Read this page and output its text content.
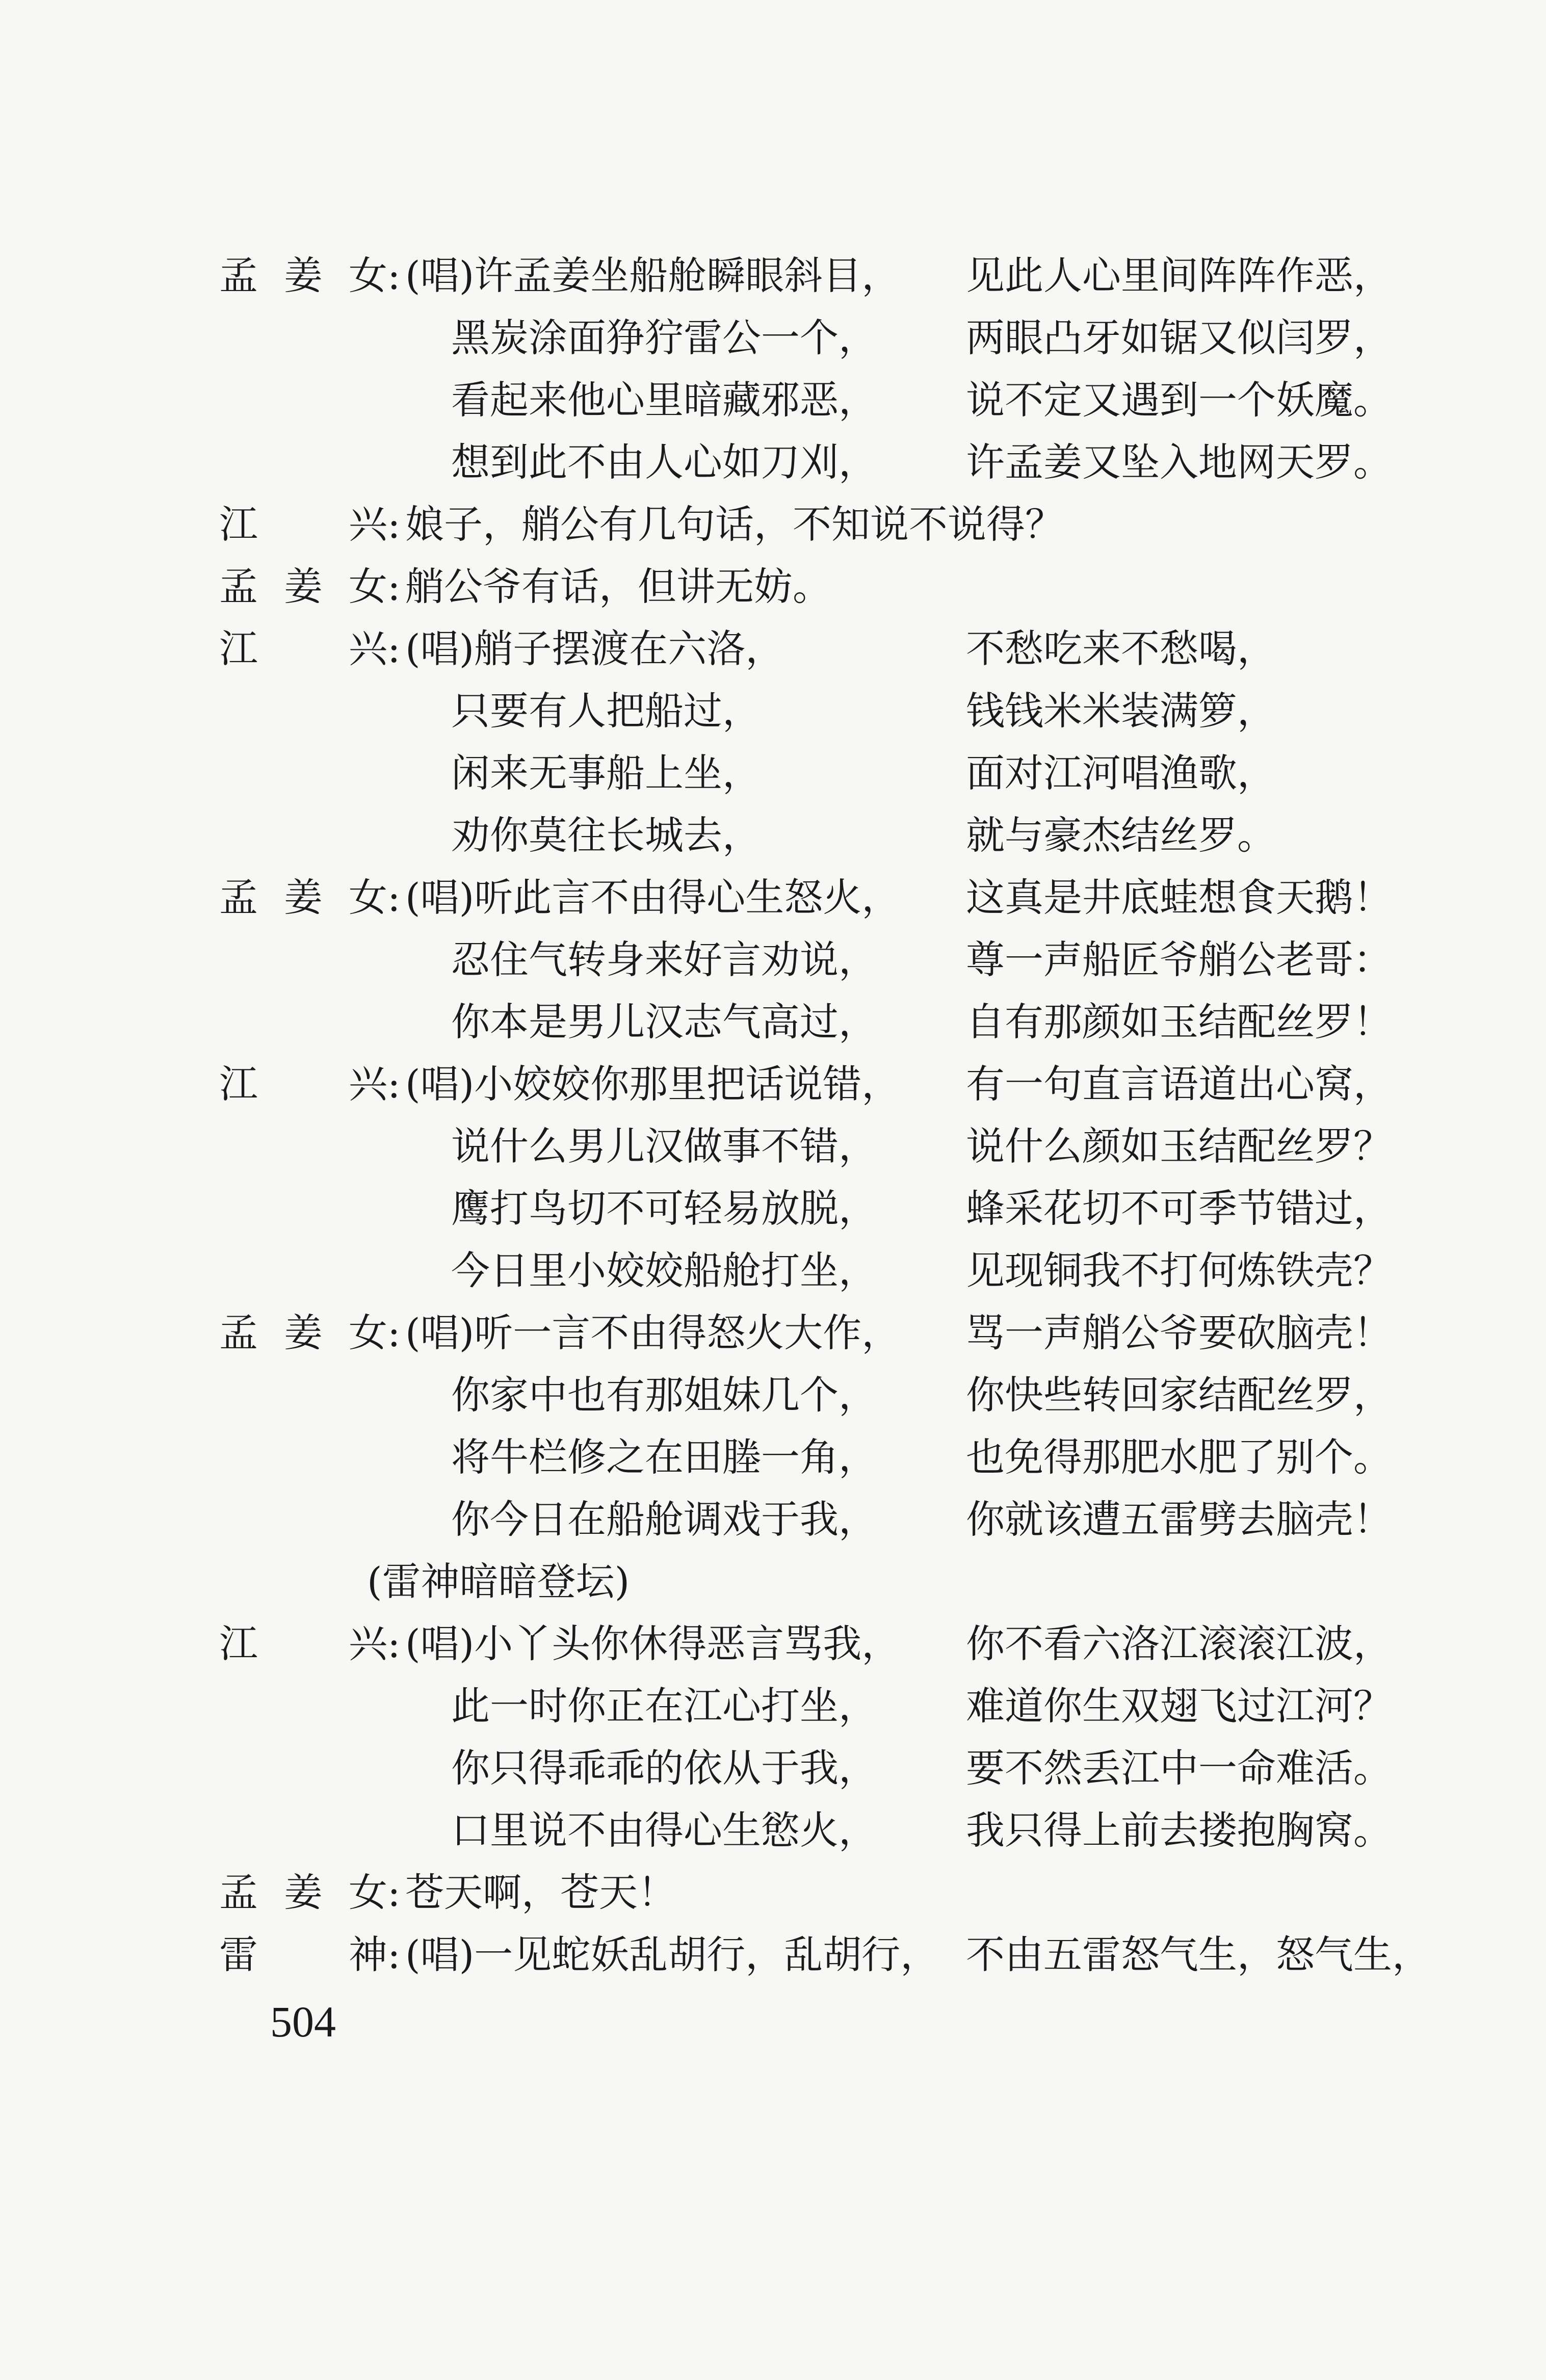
孟 姜 女 : (唱)许孟姜坐船舱瞬眼斜目， 见此人心里间阵阵作恶，
黑炭涂面狰狞雷公一个， 两眼凸牙如锯又似闫罗，
看起来他心里暗藏邪恶， 说不定又遇到一个妖魔。
想到此不由人心如刀刈， 许孟姜又坠入地网天罗。
江 兴 : 娘子，艄公有几句话，不知说不说得？
孟 姜 女 : 艄公爷有话，但讲无妨。
江 兴 : (唱)艄子摆渡在六洛，	不愁吃来不愁喝，
只要有人把船过，	钱钱米米装满箩，
闲来无事船上坐，	面对江河唱渔歌，
劝你莫往长城去，	就与豪杰结丝罗。
孟 姜 女 : (唱)听此言不由得心生怒火， 这真是井底蛙想食天鹅！
忍住气转身来好言劝说， 尊一声船匠爷艄公老哥：
你本是男儿汉志气高过， 自有那颜如玉结配丝罗！
江 兴 : (唱)小姣姣你那里把话说错， 有一句直言语道出心窝，
说什么男儿汉做事不错， 说什么颜如玉结配丝罗？
鹰打鸟切不可轻易放脱， 蜂采花切不可季节错过，
今日里小姣姣船舱打坐， 见现铜我不打何炼铁壳？
孟 姜 女 : (唱)听一言不由得怒火大作， 骂一声艄公爷要砍脑壳！
你家中也有那姐妹几个， 你快些转回家结配丝罗，
将牛栏修之在田塍一角， 也免得那肥水肥了别个。
你今日在船舱调戏于我， 你就该遭五雷劈去脑壳！
(雷神暗暗登坛)
江 兴 : (唱)小丫头你休得恶言骂我， 你不看六洛江滚滚江波，
此一时你正在江心打坐， 难道你生双翅飞过江河？
你只得乖乖的依从于我， 要不然丢江中一命难活。
口里说不由得心生慾火， 我只得上前去搂抱胸窝。
孟 姜 女 : 苍天啊，苍天！
雷 神 : (唱)一见蛇妖乱胡行，乱胡行， 不由五雷怒气生，怒气生，
504
